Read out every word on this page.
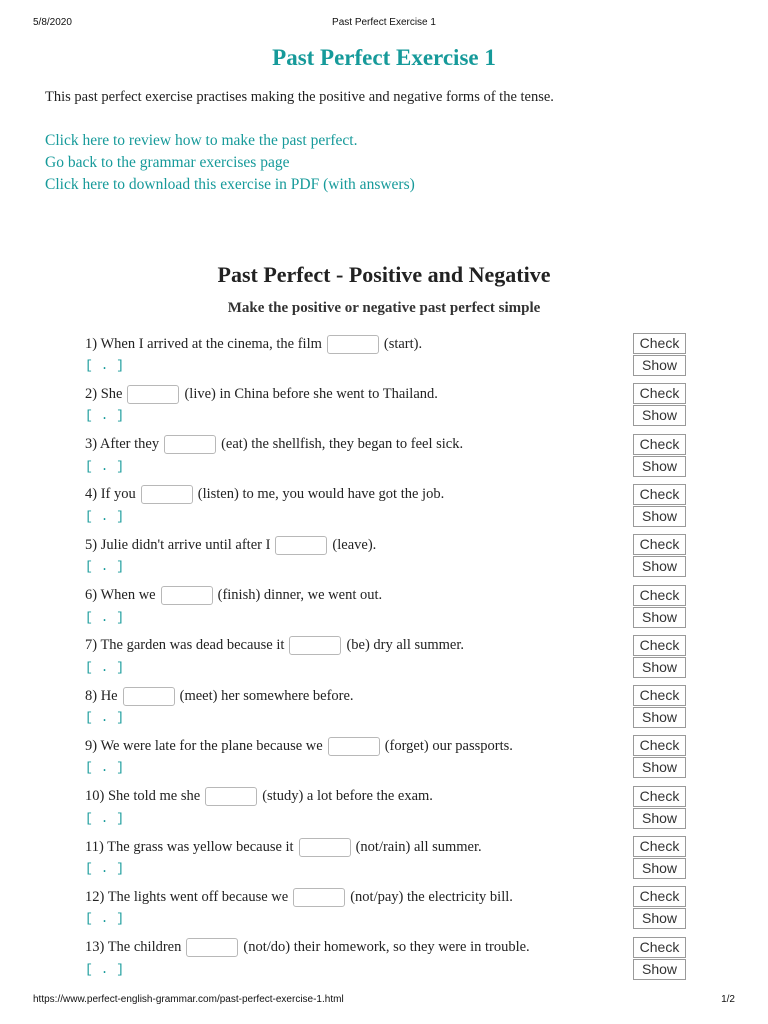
5/8/2020	Past Perfect Exercise 1
Past Perfect Exercise 1
This past perfect exercise practises making the positive and negative forms of the tense.
Click here to review how to make the past perfect.
Go back to the grammar exercises page
Click here to download this exercise in PDF (with answers)
Past Perfect - Positive and Negative
Make the positive or negative past perfect simple
1) When I arrived at the cinema, the film	(start).
[ . ]
Check
Show
2) She	(live) in China before she went to Thailand.
[ . ]
Check
Show
3) After they	(eat) the shellfish, they began to feel sick.
[ . ]
Check
Show
4) If you	(listen) to me, you would have got the job.
[ . ]
Check
Show
5) Julie didn't arrive until after I	(leave).
[ . ]
Check
Show
6) When we	(finish) dinner, we went out.
[ . ]
Check
Show
7) The garden was dead because it	(be) dry all summer.
[ . ]
Check
Show
8) He	(meet) her somewhere before.
[ . ]
Check
Show
9) We were late for the plane because we	(forget) our passports.
[ . ]
Check
Show
10) She told me she	(study) a lot before the exam.
[ . ]
Check
Show
11) The grass was yellow because it	(not/rain) all summer.
[ . ]
Check
Show
12) The lights went off because we	(not/pay) the electricity bill.
[ . ]
Check
Show
13) The children	(not/do) their homework, so they were in trouble.
[ . ]
Check
Show
https://www.perfect-english-grammar.com/past-perfect-exercise-1.html	1/2
